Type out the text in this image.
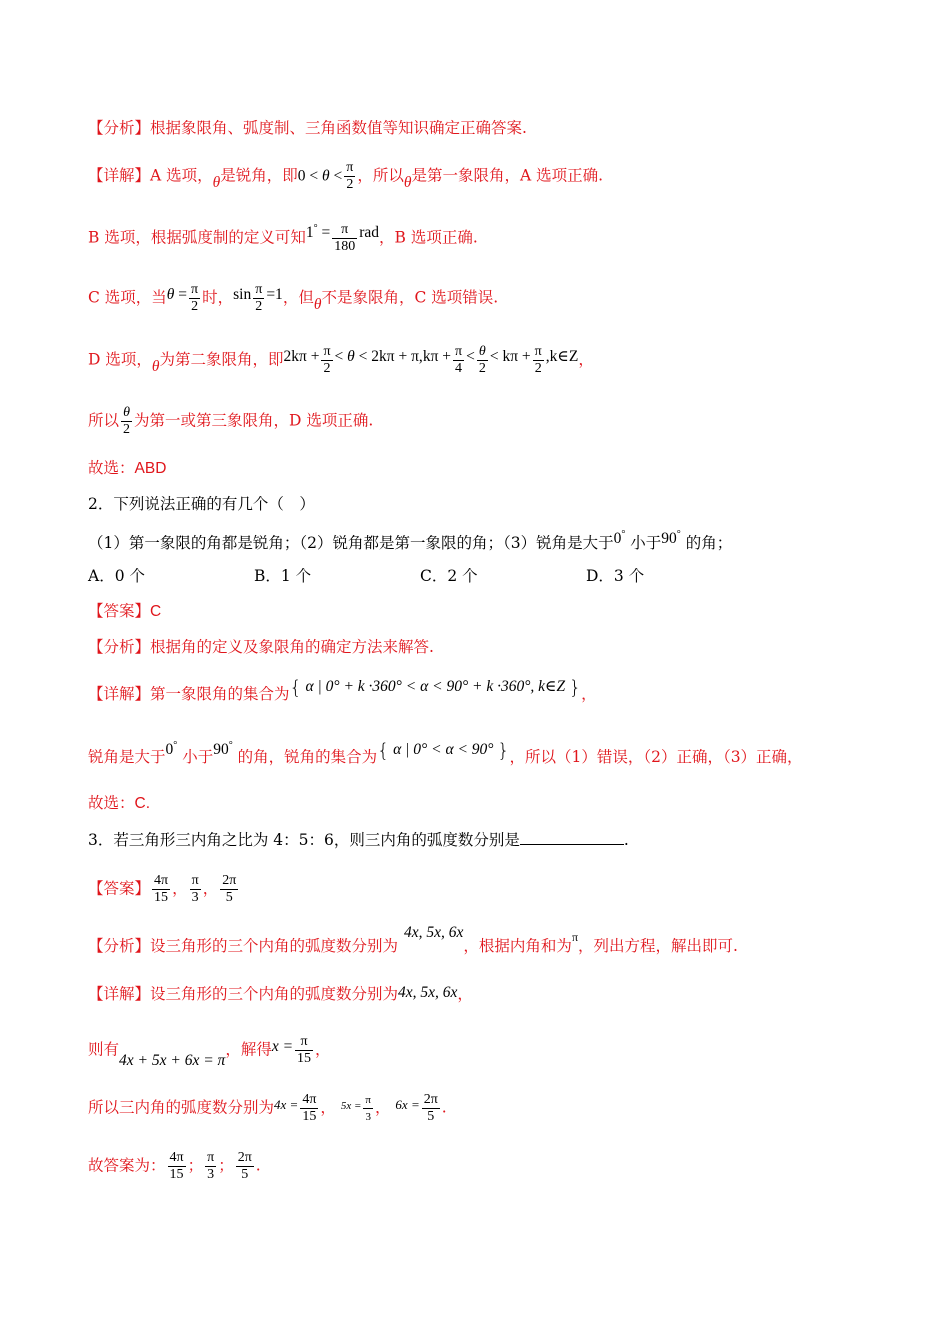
【分析】根据象限角、弧度制、三角函数值等知识确定正确答案.
【详解】A 选项，θ是锐角，即$0 < \theta < \frac{\pi}{2}$ ，所以θ是第一象限角，A 选项正确.
B 选项，根据弧度制的定义可知$1^\circ = \frac{\pi}{180}$ rad，B 选项正确.
C 选项，当$\theta = \frac{\pi}{2}$ 时，$\sin \frac{\pi}{2} =1$，但θ不是象限角，C 选项错误.
D 选项，θ为第二象限角，即$2k\pi + \frac{\pi}{2} < \theta < 2k\pi + \pi,k\pi + \frac{\pi}{4} < \frac{\theta}{2} < k\pi + \frac{\pi}{2}$ ,k∈Z，
所以 $\frac{\theta}{2}$ 为第一或第三象限角，D 选项正确.
故选：ABD
2．下列说法正确的有几个（　）
（1）第一象限的角都是锐角；（2）锐角都是第一象限的角；（3）锐角是大于0° 小于90° 的角；
A．0 个	B．1 个	C．2 个	D．3 个
【答案】C
【分析】根据角的定义及象限角的确定方法来解答.
【详解】第一象限角的集合为{ α | 0° + k ·360° < α < 90° + k ·360°, k∈Z }，
锐角是大于0° 小于90° 的角，锐角的集合为{ α | 0° < α < 90° }，所以（1）错误，（2）正确，（3）正确，
故选：C.
3．若三角形三内角之比为 4：5：6，则三内角的弧度数分别是	.
【答案】 $\frac{4\pi}{15}$ ， $\frac{\pi}{3}$ ， $\frac{2\pi}{5}$
【分析】设三角形的三个内角的弧度数分别为4x, 5x, 6x，根据内角和为$^\pi$，列出方程，解出即可.
【详解】设三角形的三个内角的弧度数分别为4x, 5x, 6x，
则有4x + 5x + 6x = π，解得$x = \frac{\pi}{15}$ ，
所以三内角的弧度数分别为$^{4x =} \frac{4\pi}{15}$ ， $^{5x =} \frac{\pi}{3}$ ， $^{6x =} \frac{2\pi}{5}$ .
故答案为： $\frac{4\pi}{15}$ ； $\frac{\pi}{3}$ ； $\frac{2\pi}{5}$ .
